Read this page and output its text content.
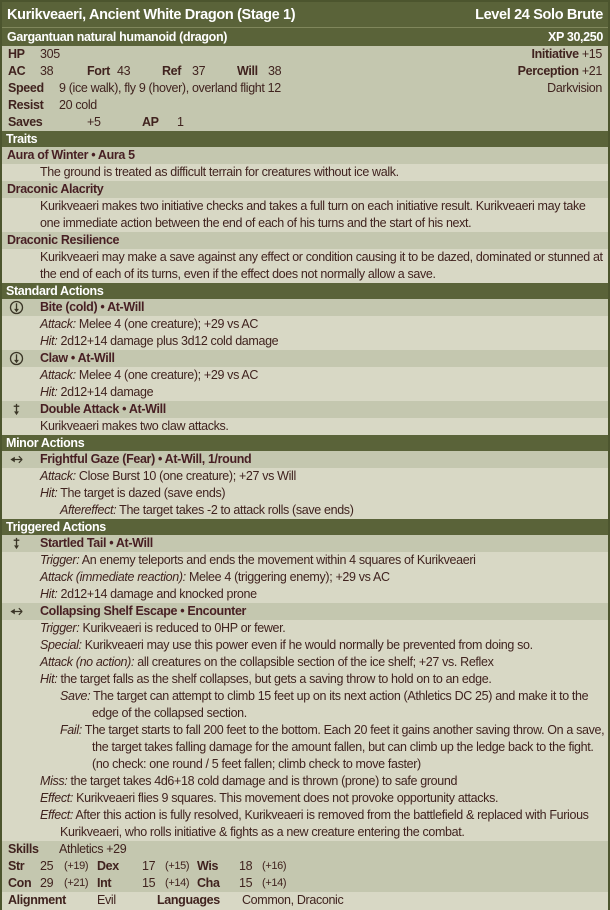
Kurikveaeri, Ancient White Dragon (Stage 1)	Level 24 Solo Brute
Gargantuan natural humanoid (dragon)	XP 30,250
HP 305	Initiative +15
AC 38	Fort 43	Ref 37	Will 38	Perception +21
Speed 9 (ice walk), fly 9 (hover), overland flight 12	Darkvision
Resist 20 cold
Saves	+5	AP 1
Traits
Aura of Winter • Aura 5
The ground is treated as difficult terrain for creatures without ice walk.
Draconic Alacrity
Kurikveaeri makes two initiative checks and takes a full turn on each initiative result. Kurikveaeri may take one immediate action between the end of each of his turns and the start of his next.
Draconic Resilience
Kurikveaeri may make a save against any effect or condition causing it to be dazed, dominated or stunned at the end of each of its turns, even if the effect does not normally allow a save.
Standard Actions
Bite (cold) • At-Will
Attack: Melee 4 (one creature); +29 vs AC
Hit: 2d12+14 damage plus 3d12 cold damage
Claw • At-Will
Attack: Melee 4 (one creature); +29 vs AC
Hit: 2d12+14 damage
Double Attack • At-Will
Kurikveaeri makes two claw attacks.
Minor Actions
Frightful Gaze (Fear) • At-Will, 1/round
Attack: Close Burst 10 (one creature); +27 vs Will
Hit: The target is dazed (save ends)
Aftereffect: The target takes -2 to attack rolls (save ends)
Triggered Actions
Startled Tail • At-Will
Trigger: An enemy teleports and ends the movement within 4 squares of Kurikveaeri
Attack (immediate reaction): Melee 4 (triggering enemy); +29 vs AC
Hit: 2d12+14 damage and knocked prone
Collapsing Shelf Escape • Encounter
Trigger: Kurikveaeri is reduced to 0HP or fewer.
Special: Kurikveaeri may use this power even if he would normally be prevented from doing so.
Attack (no action): all creatures on the collapsible section of the ice shelf; +27 vs. Reflex
Hit: the target falls as the shelf collapses, but gets a saving throw to hold on to an edge.
Save: The target can attempt to climb 15 feet up on its next action (Athletics DC 25) and make it to the edge of the collapsed section.
Fail: The target starts to fall 200 feet to the bottom. Each 20 feet it gains another saving throw. On a save, the target takes falling damage for the amount fallen, but can climb up the ledge back to the fight. (no check: one round / 5 feet fallen; climb check to move faster)
Miss: the target takes 4d6+18 cold damage and is thrown (prone) to safe ground
Effect: Kurikveaeri flies 9 squares. This movement does not provoke opportunity attacks.
Effect: After this action is fully resolved, Kurikveaeri is removed from the battlefield & replaced with Furious Kurikveaeri, who rolls initiative & fights as a new creature entering the combat.
Skills Athletics +29
Str 25 (+19) Dex 17 (+15) Wis 18 (+16)
Con 29 (+21) Int 15 (+14) Cha 15 (+14)
Alignment Evil	Languages Common, Draconic
